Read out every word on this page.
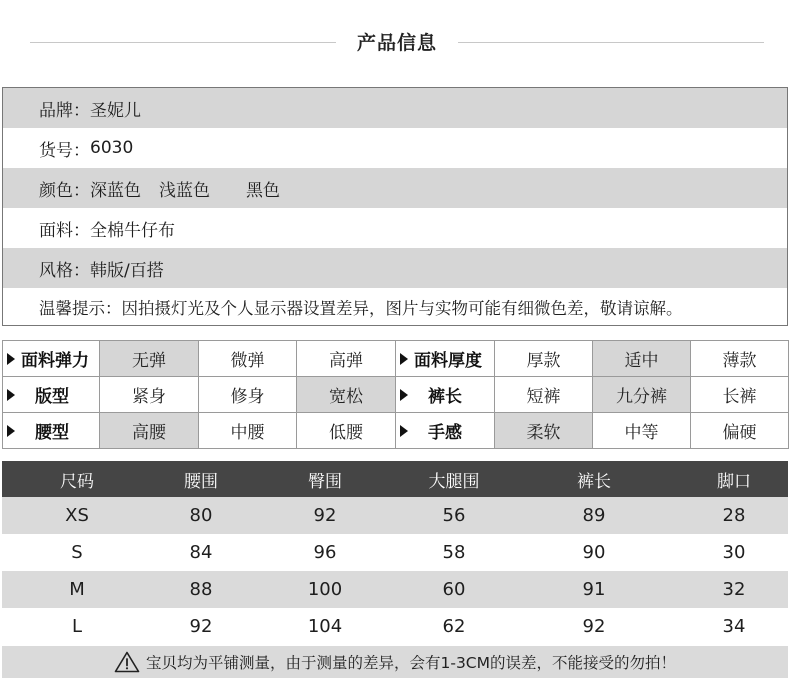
产品信息
品牌： 圣妮儿
货号： 6030
颜色： 深蓝色 浅蓝色 黑色
面料： 全棉牛仔布
风格： 韩版/百搭
温馨提示：因拍摄灯光及个人显示器设置差异，图片与实物可能有细微色差，敬请谅解。
面料弹力	无弹	微弹	高弹	面料厚度	厚款	适中	薄款
版型	紧身	修身	宽松	裤长	短裤	九分裤	长裤
腰型	高腰	中腰	低腰	手感	柔软	中等	偏硬
尺码	腰围	臀围	大腿围	裤长	脚口
XS	80	92	56	89	28
S	84	96	58	90	30
M	88	100	60	91	32
L	92	104	62	92	34
宝贝均为平铺测量，由于测量的差异，会有1-3CM的误差，不能接受的勿拍！
